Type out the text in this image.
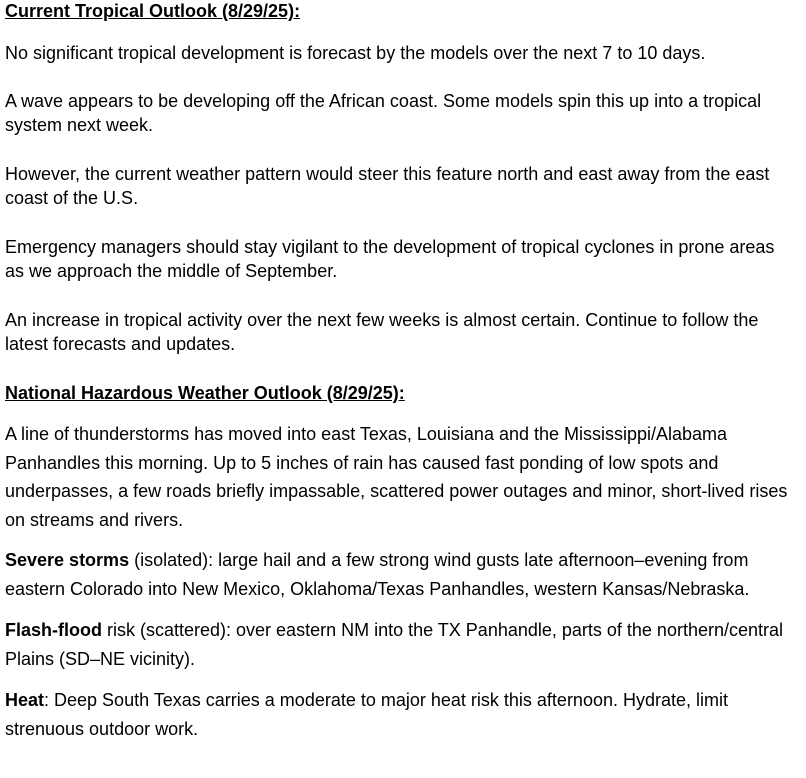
Current Tropical Outlook (8/29/25):

No significant tropical development is forecast by the models over the next 7 to 10 days.

A wave appears to be developing off the African coast. Some models spin this up into a tropical system next week.

However, the current weather pattern would steer this feature north and east away from the east coast of the U.S.

Emergency managers should stay vigilant to the development of tropical cyclones in prone areas as we approach the middle of September.

An increase in tropical activity over the next few weeks is almost certain. Continue to follow the latest forecasts and updates.

National Hazardous Weather Outlook (8/29/25):

A line of thunderstorms has moved into east Texas, Louisiana and the Mississippi/Alabama Panhandles this morning. Up to 5 inches of rain has caused fast ponding of low spots and underpasses, a few roads briefly impassable, scattered power outages and minor, short-lived rises on streams and rivers.

Severe storms (isolated): large hail and a few strong wind gusts late afternoon–evening from eastern Colorado into New Mexico, Oklahoma/Texas Panhandles, western Kansas/Nebraska.

Flash-flood risk (scattered): over eastern NM into the TX Panhandle, parts of the northern/central Plains (SD–NE vicinity).

Heat: Deep South Texas carries a moderate to major heat risk this afternoon. Hydrate, limit strenuous outdoor work.
